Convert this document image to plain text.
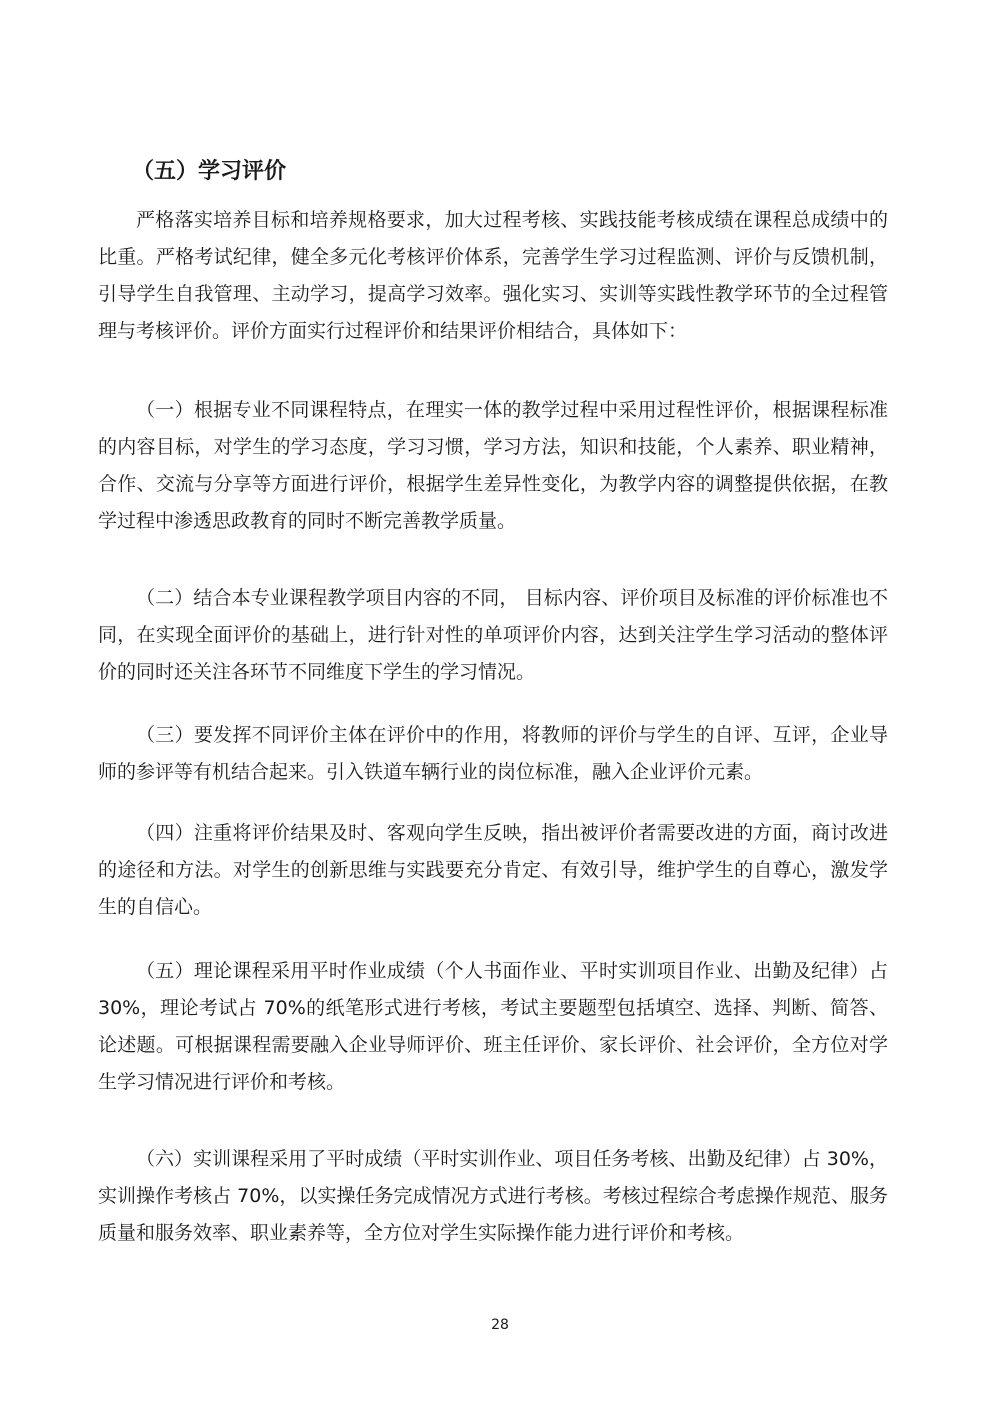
（五）学习评价

严格落实培养目标和培养规格要求，加大过程考核、实践技能考核成绩在课程总成绩中的比重。严格考试纪律，健全多元化考核评价体系，完善学生学习过程监测、评价与反馈机制，引导学生自我管理、主动学习，提高学习效率。强化实习、实训等实践性教学环节的全过程管理与考核评价。评价方面实行过程评价和结果评价相结合，具体如下：

（一）根据专业不同课程特点，在理实一体的教学过程中采用过程性评价，根据课程标准的内容目标，对学生的学习态度，学习习惯，学习方法，知识和技能，个人素养、职业精神，合作、交流与分享等方面进行评价，根据学生差异性变化，为教学内容的调整提供依据，在教学过程中渗透思政教育的同时不断完善教学质量。

（二）结合本专业课程教学项目内容的不同， 目标内容、评价项目及标准的评价标准也不同，在实现全面评价的基础上，进行针对性的单项评价内容，达到关注学生学习活动的整体评价的同时还关注各环节不同维度下学生的学习情况。

（三）要发挥不同评价主体在评价中的作用，将教师的评价与学生的自评、互评，企业导师的参评等有机结合起来。引入铁道车辆行业的岗位标准，融入企业评价元素。

（四）注重将评价结果及时、客观向学生反映，指出被评价者需要改进的方面，商讨改进的途径和方法。对学生的创新思维与实践要充分肯定、有效引导，维护学生的自尊心，激发学生的自信心。

（五）理论课程采用平时作业成绩（个人书面作业、平时实训项目作业、出勤及纪律）占 30%，理论考试占 70%的纸笔形式进行考核，考试主要题型包括填空、选择、判断、简答、论述题。可根据课程需要融入企业导师评价、班主任评价、家长评价、社会评价，全方位对学生学习情况进行评价和考核。

（六）实训课程采用了平时成绩（平时实训作业、项目任务考核、出勤及纪律）占 30%，实训操作考核占 70%，以实操任务完成情况方式进行考核。考核过程综合考虑操作规范、服务质量和服务效率、职业素养等，全方位对学生实际操作能力进行评价和考核。

28
